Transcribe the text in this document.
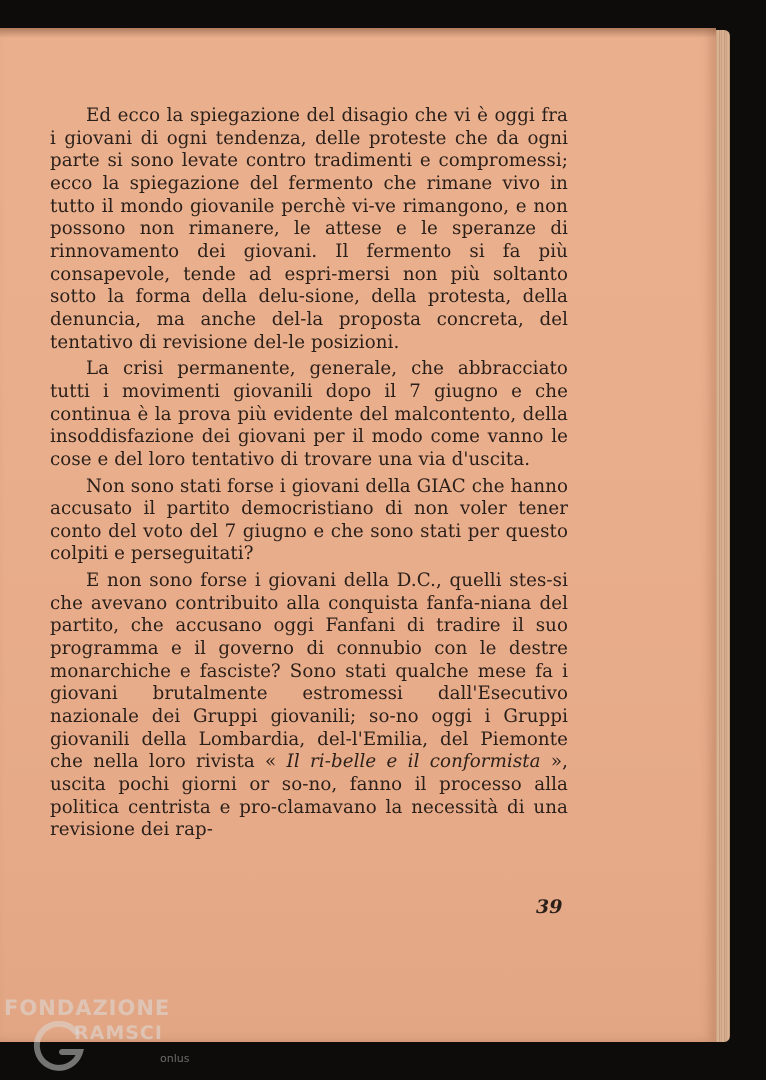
Ed ecco la spiegazione del disagio che vi è oggi fra i giovani di ogni tendenza, delle proteste che da ogni parte si sono levate contro tradimenti e compromessi; ecco la spiegazione del fermento che rimane vivo in tutto il mondo giovanile perchè vi-ve rimangono, e non possono non rimanere, le attese e le speranze di rinnovamento dei giovani. Il fermento si fa più consapevole, tende ad espri-mersi non più soltanto sotto la forma della delu-sione, della protesta, della denuncia, ma anche del-la proposta concreta, del tentativo di revisione del-le posizioni.

La crisi permanente, generale, che abbracciato tutti i movimenti giovanili dopo il 7 giugno e che continua è la prova più evidente del malcontento, della insoddisfazione dei giovani per il modo come vanno le cose e del loro tentativo di trovare una via d'uscita.

Non sono stati forse i giovani della GIAC che hanno accusato il partito democristiano di non voler tener conto del voto del 7 giugno e che sono stati per questo colpiti e perseguitati?

E non sono forse i giovani della D.C., quelli stes-si che avevano contribuito alla conquista fanfa-niana del partito, che accusano oggi Fanfani di tradire il suo programma e il governo di connubio con le destre monarchiche e fasciste? Sono stati qualche mese fa i giovani brutalmente estromessi dall'Esecutivo nazionale dei Gruppi giovanili; so-no oggi i Gruppi giovanili della Lombardia, del-l'Emilia, del Piemonte che nella loro rivista « Il ri-belle e il conformista », uscita pochi giorni or so-no, fanno il processo alla politica centrista e pro-clamavano la necessità di una revisione dei rap-

39
FONDAZIONE
RAMSCI
onlus
